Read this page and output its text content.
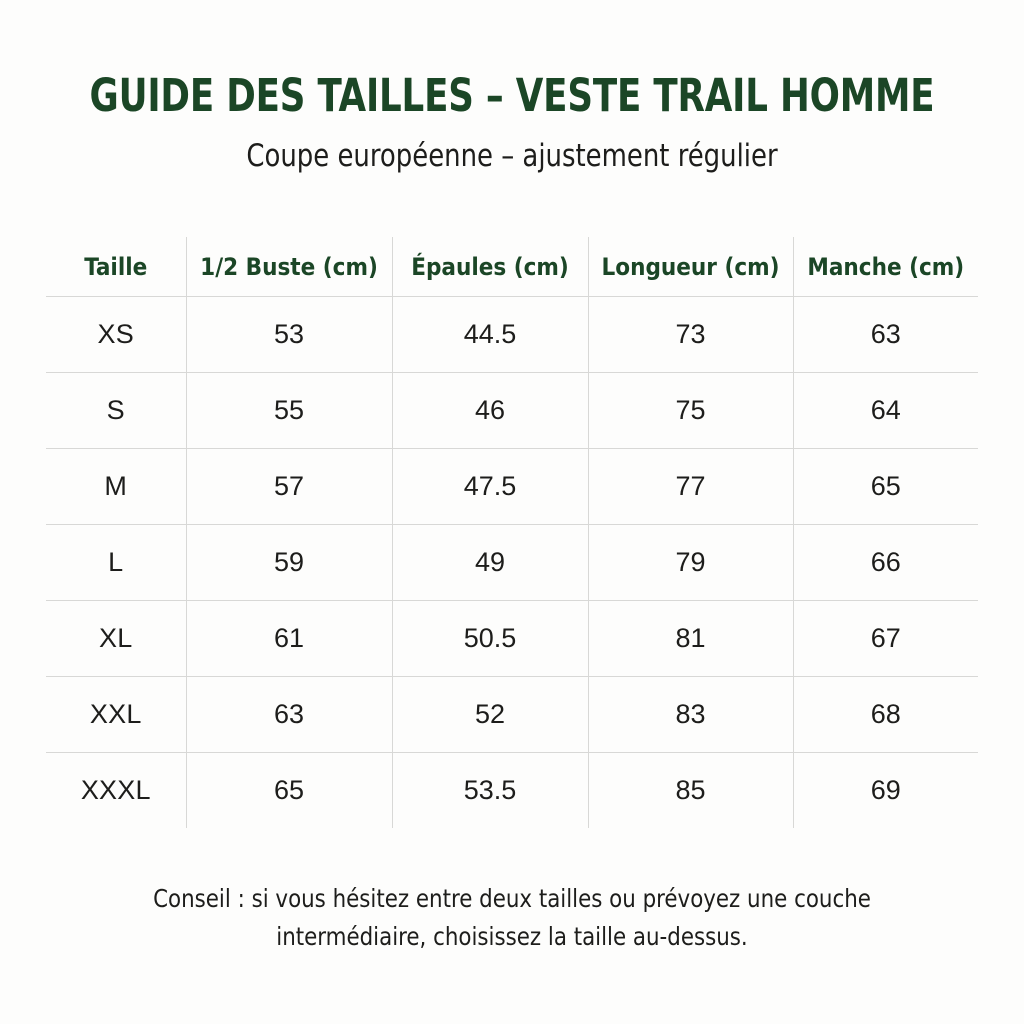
GUIDE DES TAILLES – VESTE TRAIL HOMME

Coupe européenne – ajustement régulier

Taille	1/2 Buste (cm)	Épaules (cm)	Longueur (cm)	Manche (cm)
XS	53	44.5	73	63
S	55	46	75	64
M	57	47.5	77	65
L	59	49	79	66
XL	61	50.5	81	67
XXL	63	52	83	68
XXXL	65	53.5	85	69
Conseil : si vous hésitez entre deux tailles ou prévoyez une couche
intermédiaire, choisissez la taille au-dessus.
